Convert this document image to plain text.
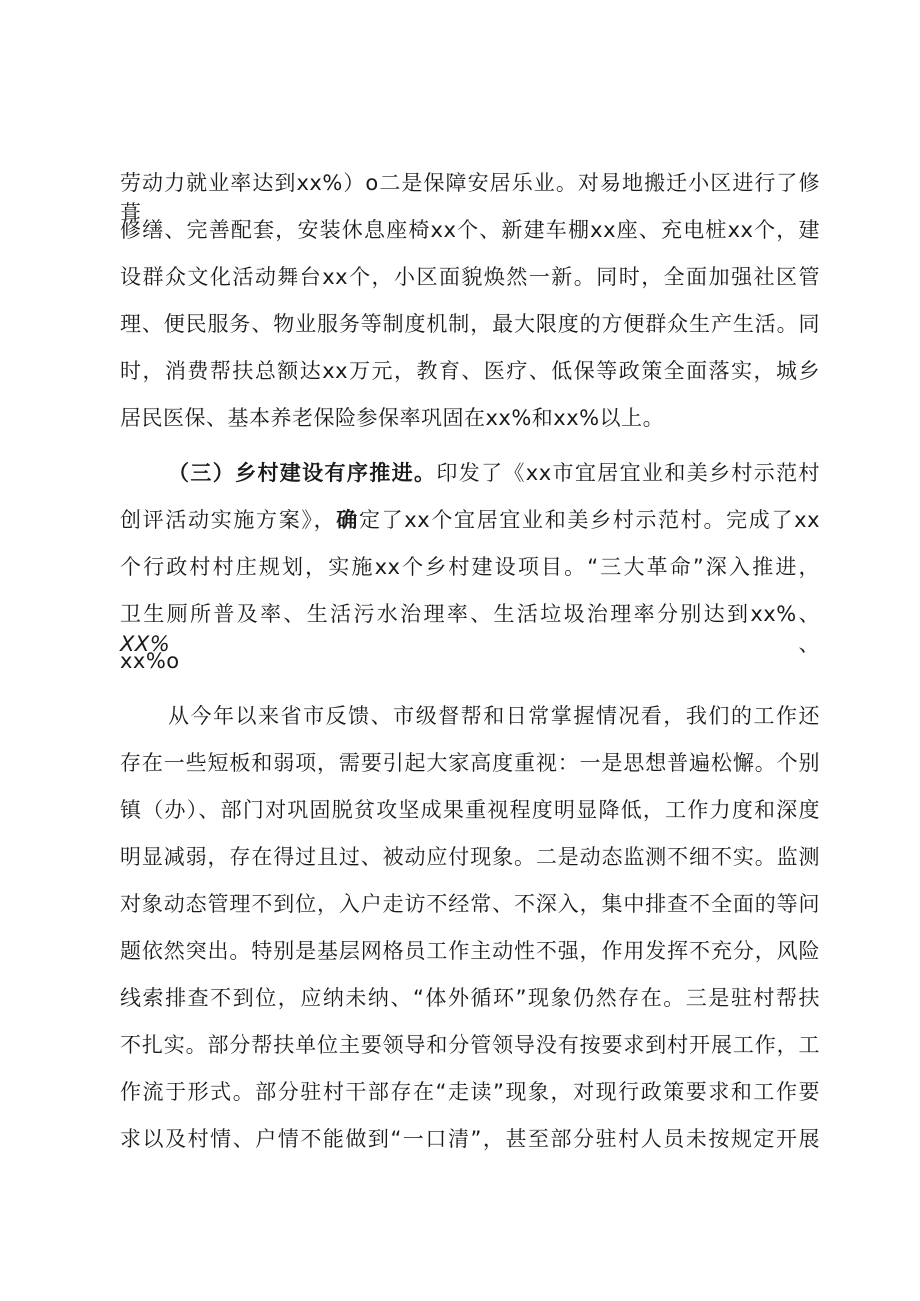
劳动力就业率达到xx%）o二是保障安居乐业。对易地搬迁小区进行了修葺
修缮、完善配套，安装休息座椅xx个、新建车棚xx座、充电桩xx个，建
设群众文化活动舞台xx个，小区面貌焕然一新。同时，全面加强社区管
理、便民服务、物业服务等制度机制，最大限度的方便群众生产生活。同
时，消费帮扶总额达xx万元，教育、医疗、低保等政策全面落实，城乡
居民医保、基本养老保险参保率巩固在xx%和xx%以上。
（三）乡村建设有序推进。印发了《xx市宜居宜业和美乡村示范村
创评活动实施方案》，确定了xx个宜居宜业和美乡村示范村。完成了xx
个行政村村庄规划，实施xx个乡村建设项目。“三大革命”深入推进，
卫生厕所普及率、生活污水治理率、生活垃圾治理率分别达到xx%、XX%、
xx%o
从今年以来省市反馈、市级督帮和日常掌握情况看，我们的工作还
存在一些短板和弱项，需要引起大家高度重视：一是思想普遍松懈。个别
镇（办）、部门对巩固脱贫攻坚成果重视程度明显降低，工作力度和深度
明显减弱，存在得过且过、被动应付现象。二是动态监测不细不实。监测
对象动态管理不到位，入户走访不经常、不深入，集中排查不全面的等问
题依然突出。特别是基层网格员工作主动性不强，作用发挥不充分，风险
线索排查不到位，应纳未纳、“体外循环”现象仍然存在。三是驻村帮扶
不扎实。部分帮扶单位主要领导和分管领导没有按要求到村开展工作，工
作流于形式。部分驻村干部存在“走读”现象，对现行政策要求和工作要
求以及村情、户情不能做到“一口清”，甚至部分驻村人员未按规定开展
